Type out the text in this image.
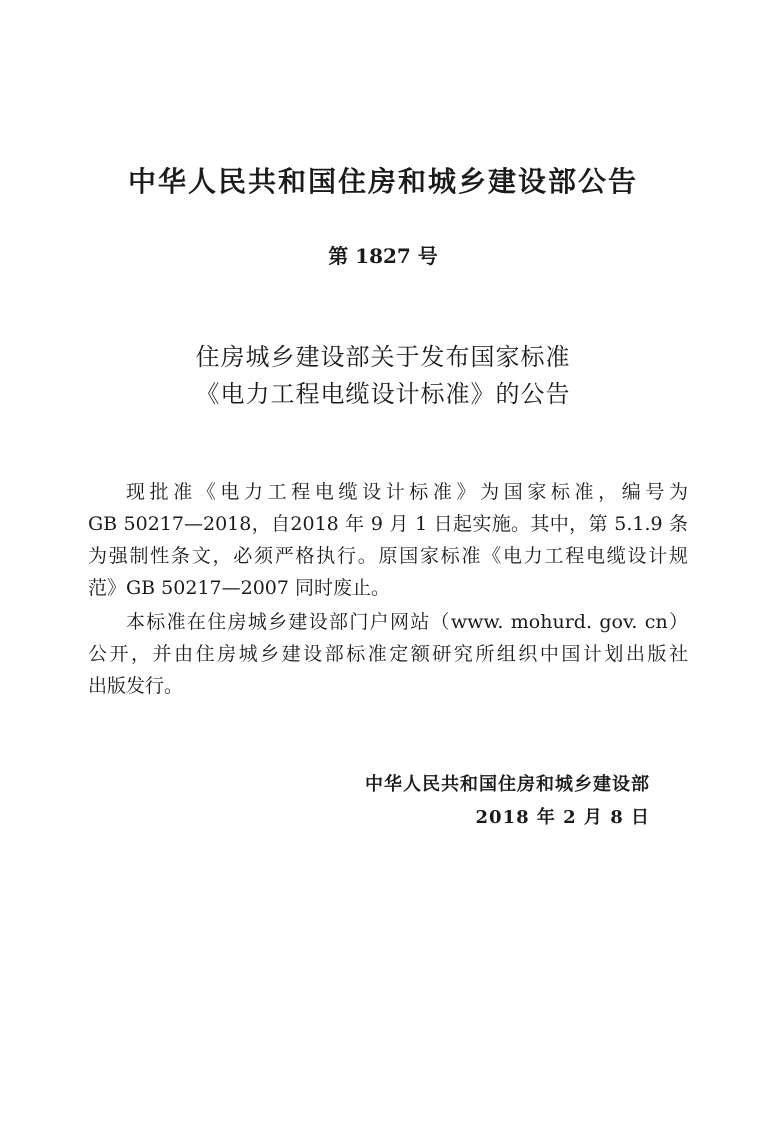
中华人民共和国住房和城乡建设部公告
第 1827 号
住房城乡建设部关于发布国家标准
《电力工程电缆设计标准》的公告
现批准《电力工程电缆设计标准》为国家标准，编号为
GB 50217—2018，自2018 年 9 月 1 日起实施。其中，第 5.1.9 条
为强制性条文，必须严格执行。原国家标准《电力工程电缆设计规
范》GB 50217—2007 同时废止。
本标准在住房城乡建设部门户网站（www. mohurd. gov. cn）
公开，并由住房城乡建设部标准定额研究所组织中国计划出版社
出版发行。
中华人民共和国住房和城乡建设部
2018 年 2 月 8 日
